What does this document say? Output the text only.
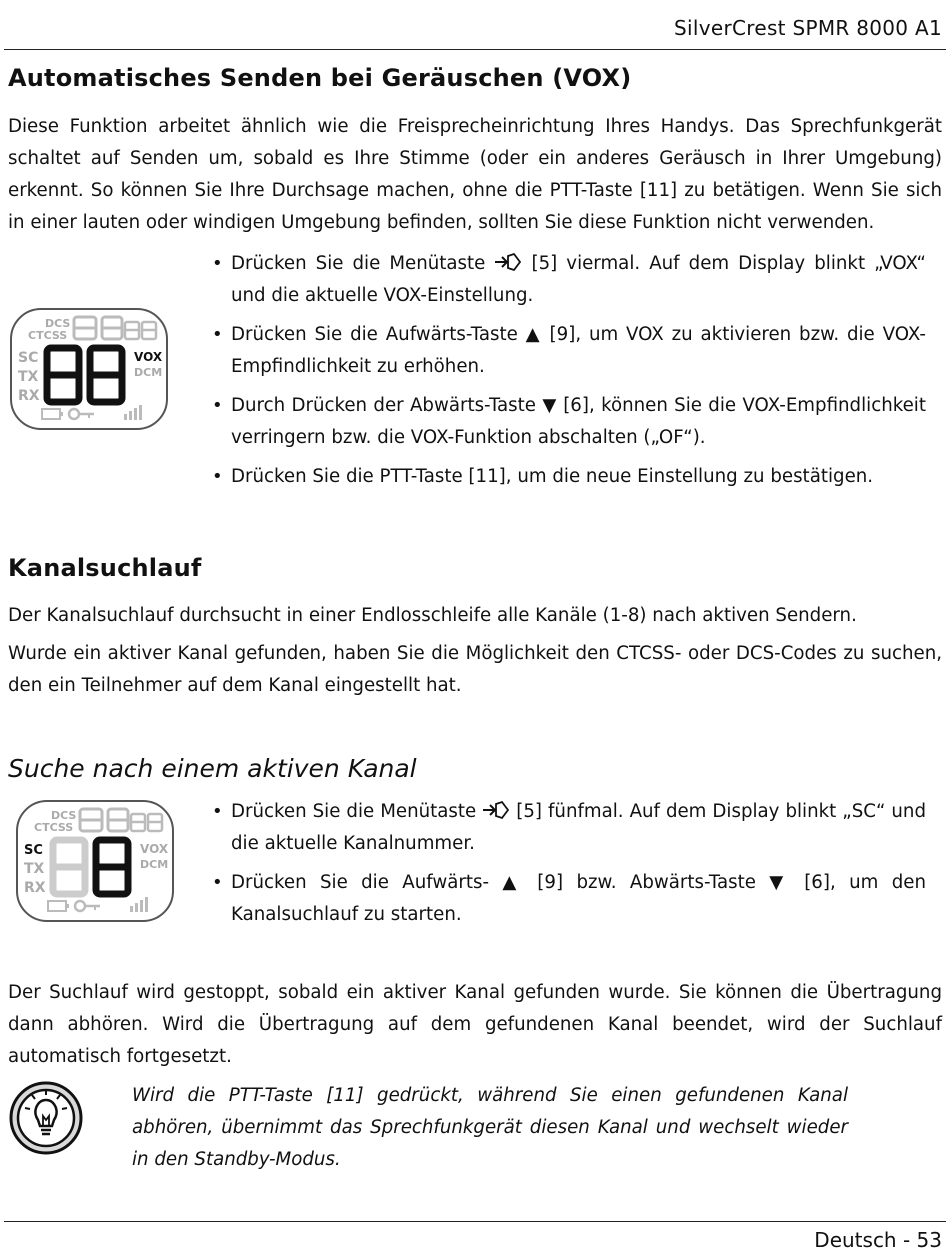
SilverCrest SPMR 8000 A1
Automatisches Senden bei Geräuschen (VOX)
Diese Funktion arbeitet ähnlich wie die Freisprecheinrichtung Ihres Handys. Das Sprechfunkgerät schaltet auf Senden um, sobald es Ihre Stimme (oder ein anderes Geräusch in Ihrer Umgebung) erkennt. So können Sie Ihre Durchsage machen, ohne die PTT-Taste [11] zu betätigen. Wenn Sie sich in einer lauten oder windigen Umgebung befinden, sollten Sie diese Funktion nicht verwenden.
DCS
CTCSS
SC
TX
RX
VOX
DCM
• Drücken Sie die Menütaste	[5] viermal. Auf dem Display blinkt „VOX“ und die aktuelle VOX-Einstellung.
• Drücken Sie die Aufwärts-Taste ▲ [9], um VOX zu aktivieren bzw. die VOX-Empfindlichkeit zu erhöhen.
• Durch Drücken der Abwärts-Taste ▼ [6], können Sie die VOX-Empfindlichkeit verringern bzw. die VOX-Funktion abschalten („OF“).
• Drücken Sie die PTT-Taste [11], um die neue Einstellung zu bestätigen.
Kanalsuchlauf
Der Kanalsuchlauf durchsucht in einer Endlosschleife alle Kanäle (1-8) nach aktiven Sendern.
Wurde ein aktiver Kanal gefunden, haben Sie die Möglichkeit den CTCSS- oder DCS-Codes zu suchen, den ein Teilnehmer auf dem Kanal eingestellt hat.
Suche nach einem aktiven Kanal
DCS
CTCSS
SC
TX
RX
VOX
DCM
• Drücken Sie die Menütaste [5] fünfmal. Auf dem Display blinkt „SC“ und die aktuelle Kanalnummer.
• Drücken Sie die Aufwärts- ▲ [9] bzw. Abwärts-Taste ▼ [6], um den Kanalsuchlauf zu starten.
Der Suchlauf wird gestoppt, sobald ein aktiver Kanal gefunden wurde. Sie können die Übertragung dann abhören. Wird die Übertragung auf dem gefundenen Kanal beendet, wird der Suchlauf automatisch fortgesetzt.
Wird die PTT-Taste [11] gedrückt, während Sie einen gefundenen Kanal abhören, übernimmt das Sprechfunkgerät diesen Kanal und wechselt wieder in den Standby-Modus.
Deutsch - 53
